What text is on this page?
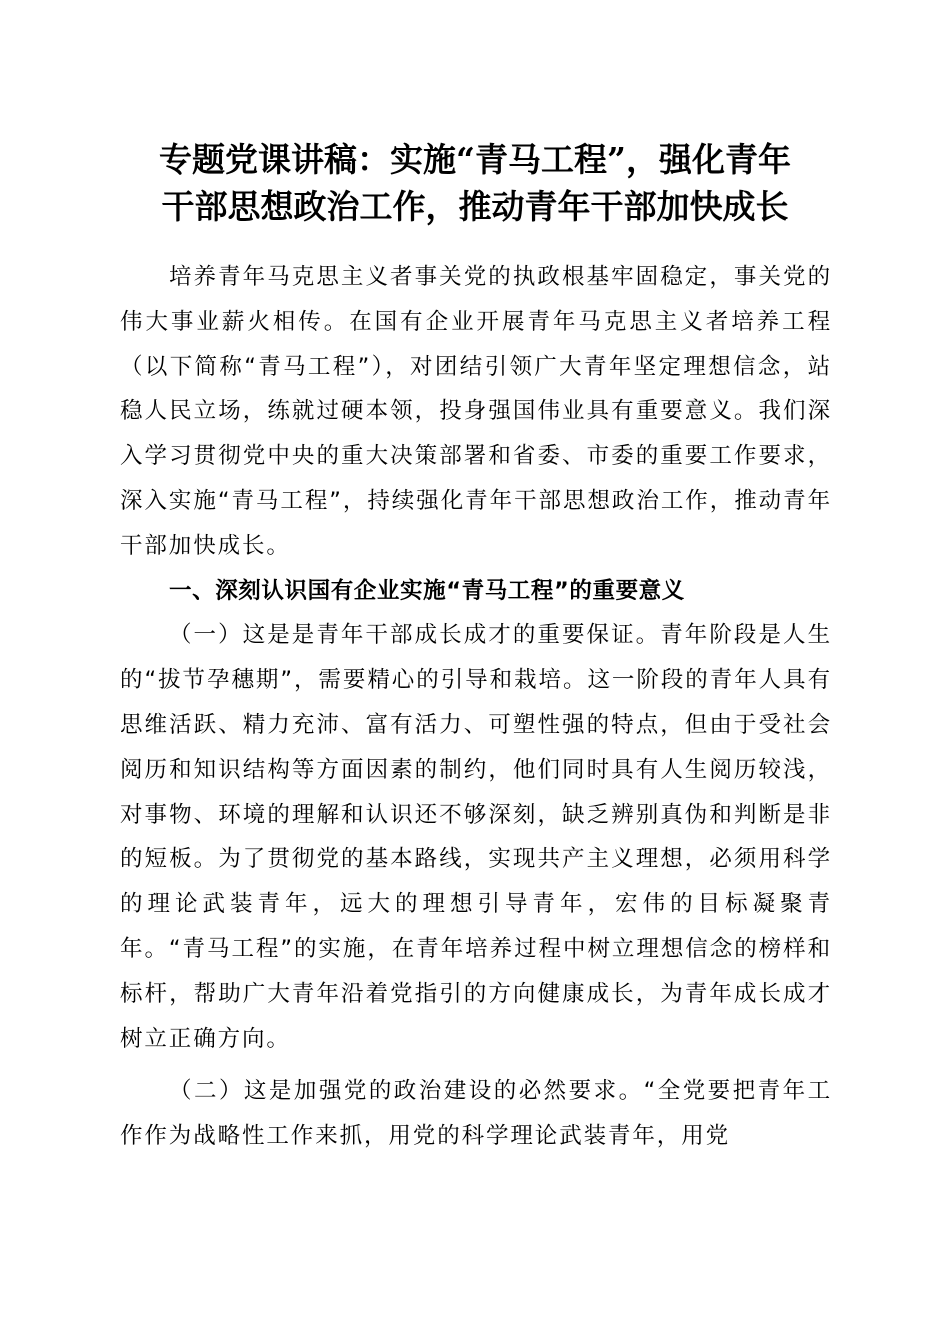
专题党课讲稿：实施“青马工程”，强化青年
干部思想政治工作，推动青年干部加快成长

培养青年马克思主义者事关党的执政根基牢固稳定，事关党的伟大事业薪火相传。在国有企业开展青年马克思主义者培养工程（以下简称“青马工程”），对团结引领广大青年坚定理想信念，站稳人民立场，练就过硬本领，投身强国伟业具有重要意义。我们深入学习贯彻党中央的重大决策部署和省委、市委的重要工作要求，深入实施“青马工程”，持续强化青年干部思想政治工作，推动青年干部加快成长。

一、深刻认识国有企业实施“青马工程”的重要意义

（一）这是是青年干部成长成才的重要保证。青年阶段是人生的“拔节孕穗期”，需要精心的引导和栽培。这一阶段的青年人具有思维活跃、精力充沛、富有活力、可塑性强的特点，但由于受社会阅历和知识结构等方面因素的制约，他们同时具有人生阅历较浅，对事物、环境的理解和认识还不够深刻，缺乏辨别真伪和判断是非的短板。为了贯彻党的基本路线，实现共产主义理想，必须用科学的理论武装青年，远大的理想引导青年，宏伟的目标凝聚青年。“青马工程”的实施，在青年培养过程中树立理想信念的榜样和标杆，帮助广大青年沿着党指引的方向健康成长，为青年成长成才树立正确方向。

（二）这是加强党的政治建设的必然要求。“全党要把青年工作作为战略性工作来抓，用党的科学理论武装青年，用党
